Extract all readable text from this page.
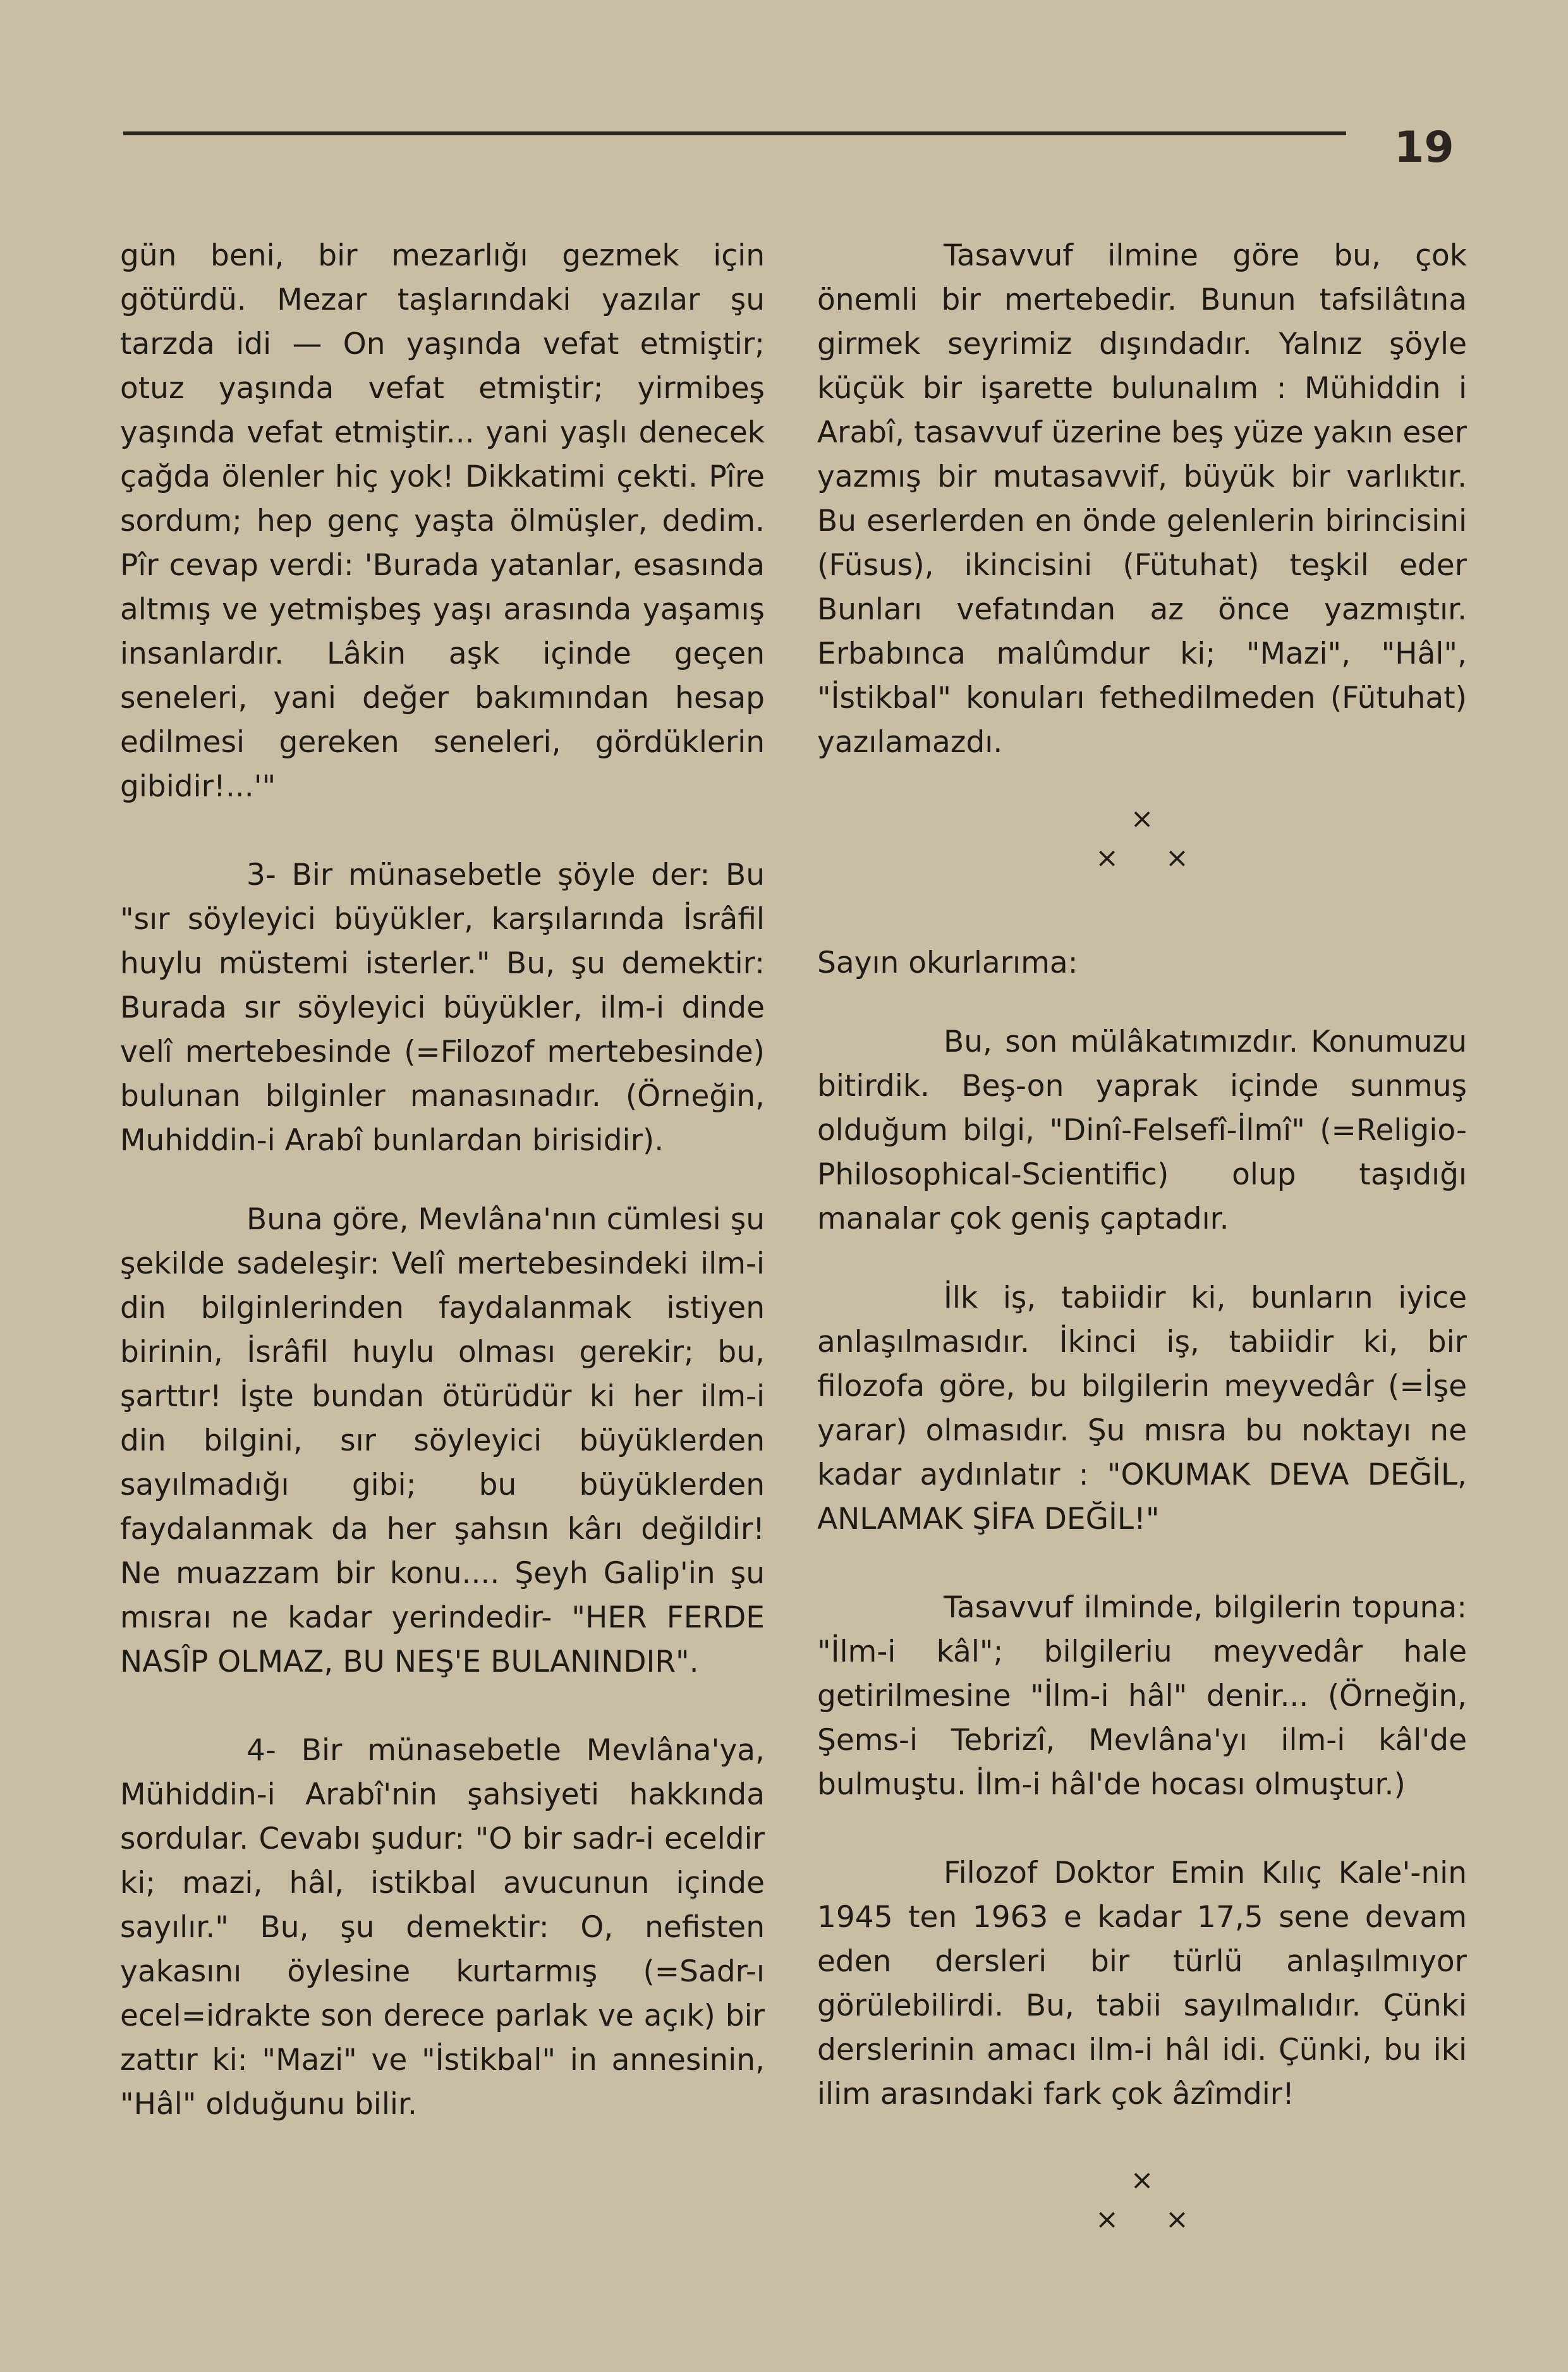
19

gün beni, bir mezarlığı gezmek için götürdü. Mezar taşlarındaki yazılar şu tarzda idi — On yaşında vefat etmiştir; otuz yaşında vefat etmiştir; yirmibeş yaşında vefat etmiştir... yani yaşlı denecek çağda ölenler hiç yok! Dikkatimi çekti. Pîre sordum; hep genç yaşta ölmüşler, dedim. Pîr cevap verdi: 'Burada yatanlar, esasında altmış ve yetmişbeş yaşı arasında yaşamış insanlardır. Lâkin aşk içinde geçen seneleri, yani değer bakımından hesap edilmesi gereken seneleri, gördüklerin gibidir!...'"

3- Bir münasebetle şöyle der: Bu "sır söyleyici büyükler, karşılarında İsrâfil huylu müstemi isterler." Bu, şu demektir: Burada sır söyleyici büyükler, ilm-i dinde velî mertebesinde (=Filozof mertebesinde) bulunan bilginler manasınadır. (Örneğin, Muhiddin-i Arabî bunlardan birisidir).

Buna göre, Mevlâna'nın cümlesi şu şekilde sadeleşir: Velî mertebesindeki ilm-i din bilginlerinden faydalanmak istiyen birinin, İsrâfil huylu olması gerekir; bu, şarttır! İşte bundan ötürüdür ki her ilm-i din bilgini, sır söyleyici büyüklerden sayılmadığı gibi; bu büyüklerden faydalanmak da her şahsın kârı değildir! Ne muazzam bir konu.... Şeyh Galip'in şu mısraı ne kadar yerindedir- "HER FERDE NASÎP OLMAZ, BU NEŞ'E BULANINDIR".

4- Bir münasebetle Mevlâna'ya, Mühiddin-i Arabî'nin şahsiyeti hakkında sordular. Cevabı şudur: "O bir sadr-i eceldir ki; mazi, hâl, istikbal avucunun içinde sayılır." Bu, şu demektir: O, nefisten yakasını öylesine kurtarmış (=Sadr-ı ecel=idrakte son derece parlak ve açık) bir zattır ki: "Mazi" ve "İstikbal" in annesinin, "Hâl" olduğunu bilir.

Tasavvuf ilmine göre bu, çok önemli bir mertebedir. Bunun tafsilâtına girmek seyrimiz dışındadır. Yalnız şöyle küçük bir işarette bulunalım : Mühiddin i Arabî, tasavvuf üzerine beş yüze yakın eser yazmış bir mutasavvif, büyük bir varlıktır. Bu eserlerden en önde gelenlerin birincisini (Füsus), ikincisini (Fütuhat) teşkil eder Bunları vefatından az önce yazmıştır. Erbabınca malûmdur ki; "Mazi", "Hâl", "İstikbal" konuları fethedilmeden (Fütuhat) yazılamazdı.

×
× ×

Sayın okurlarıma:

Bu, son mülâkatımızdır. Konumuzu bitirdik. Beş-on yaprak içinde sunmuş olduğum bilgi, "Dinî-Felsefî-İlmî" (=Religio-Philosophical-Scientific) olup taşıdığı manalar çok geniş çaptadır.

İlk iş, tabiidir ki, bunların iyice anlaşılmasıdır. İkinci iş, tabiidir ki, bir filozofa göre, bu bilgilerin meyvedâr (=İşe yarar) olmasıdır. Şu mısra bu noktayı ne kadar aydınlatır : "OKUMAK DEVA DEĞİL, ANLAMAK ŞİFA DEĞİL!"

Tasavvuf ilminde, bilgilerin topuna: "İlm-i kâl"; bilgileriu meyvedâr hale getirilmesine "İlm-i hâl" denir... (Örneğin, Şems-i Tebrizî, Mevlâna'yı ilm-i kâl'de bulmuştu. İlm-i hâl'de hocası olmuştur.)

Filozof Doktor Emin Kılıç Kale'-nin 1945 ten 1963 e kadar 17,5 sene devam eden dersleri bir türlü anlaşılmıyor görülebilirdi. Bu, tabii sayılmalıdır. Çünki derslerinin amacı ilm-i hâl idi. Çünki, bu iki ilim arasındaki fark çok âzîmdir!

×
× ×
